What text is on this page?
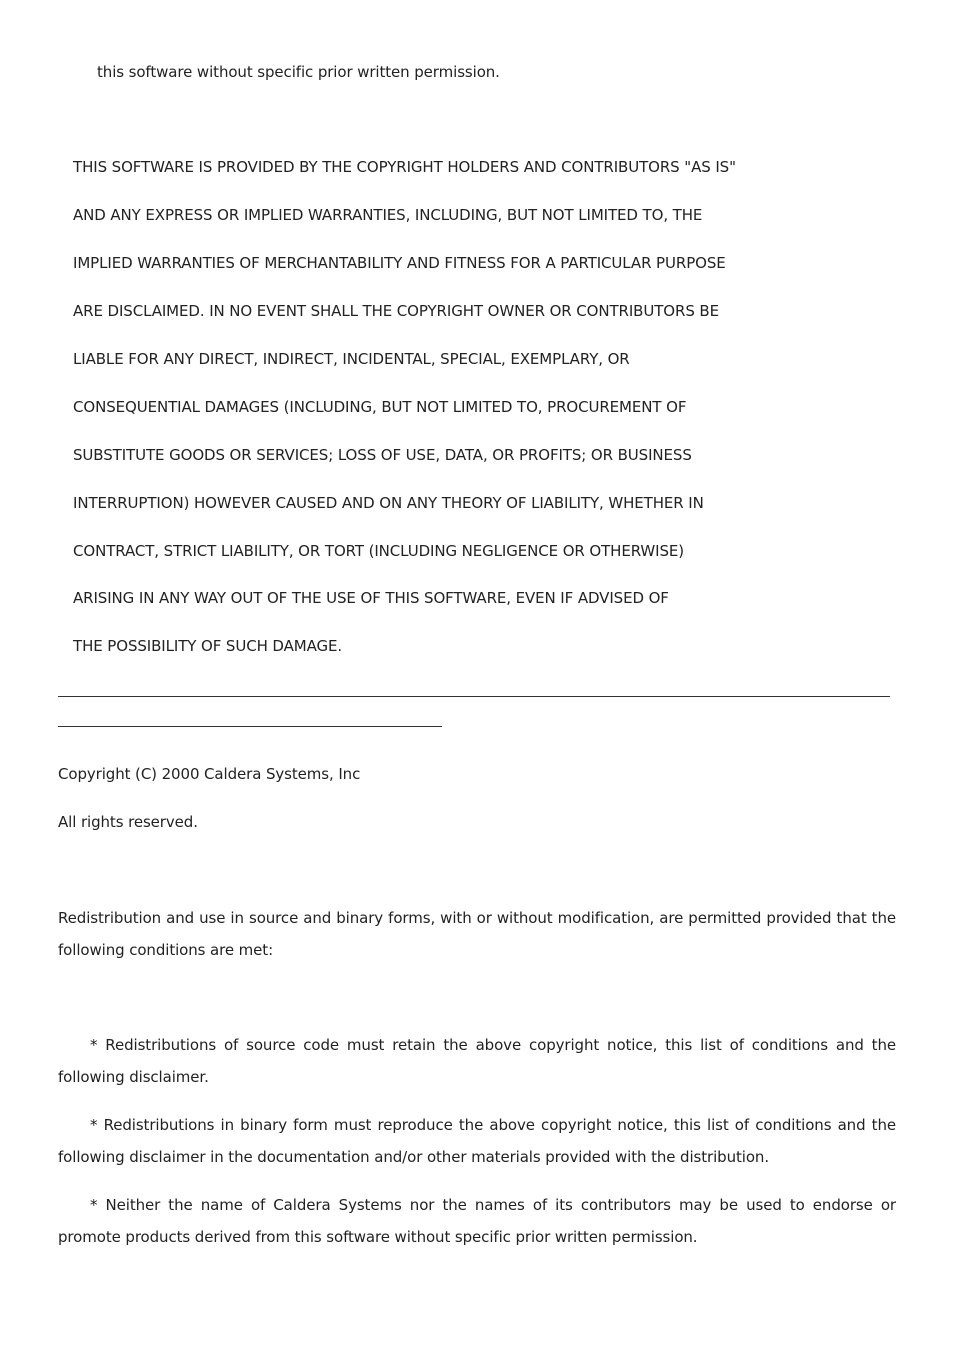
this software without specific prior written permission.
THIS SOFTWARE IS PROVIDED BY THE COPYRIGHT HOLDERS AND CONTRIBUTORS "AS IS"
AND ANY EXPRESS OR IMPLIED WARRANTIES, INCLUDING, BUT NOT LIMITED TO, THE
IMPLIED WARRANTIES OF MERCHANTABILITY AND FITNESS FOR A PARTICULAR PURPOSE
ARE DISCLAIMED. IN NO EVENT SHALL THE COPYRIGHT OWNER OR CONTRIBUTORS BE
LIABLE FOR ANY DIRECT, INDIRECT, INCIDENTAL, SPECIAL, EXEMPLARY, OR
CONSEQUENTIAL DAMAGES (INCLUDING, BUT NOT LIMITED TO, PROCUREMENT OF
SUBSTITUTE GOODS OR SERVICES; LOSS OF USE, DATA, OR PROFITS; OR BUSINESS
INTERRUPTION) HOWEVER CAUSED AND ON ANY THEORY OF LIABILITY, WHETHER IN
CONTRACT, STRICT LIABILITY, OR TORT (INCLUDING NEGLIGENCE OR OTHERWISE)
ARISING IN ANY WAY OUT OF THE USE OF THIS SOFTWARE, EVEN IF ADVISED OF
THE POSSIBILITY OF SUCH DAMAGE.
Copyright (C) 2000 Caldera Systems, Inc
All rights reserved.
Redistribution and use in source and binary forms, with or without modification, are permitted provided that the following conditions are met:
* Redistributions of source code must retain the above copyright notice, this list of conditions and the following disclaimer.
* Redistributions in binary form must reproduce the above copyright notice, this list of conditions and the following disclaimer in the documentation and/or other materials provided with the distribution.
* Neither the name of Caldera Systems nor the names of its contributors may be used to endorse or promote products derived from this software without specific prior written permission.
